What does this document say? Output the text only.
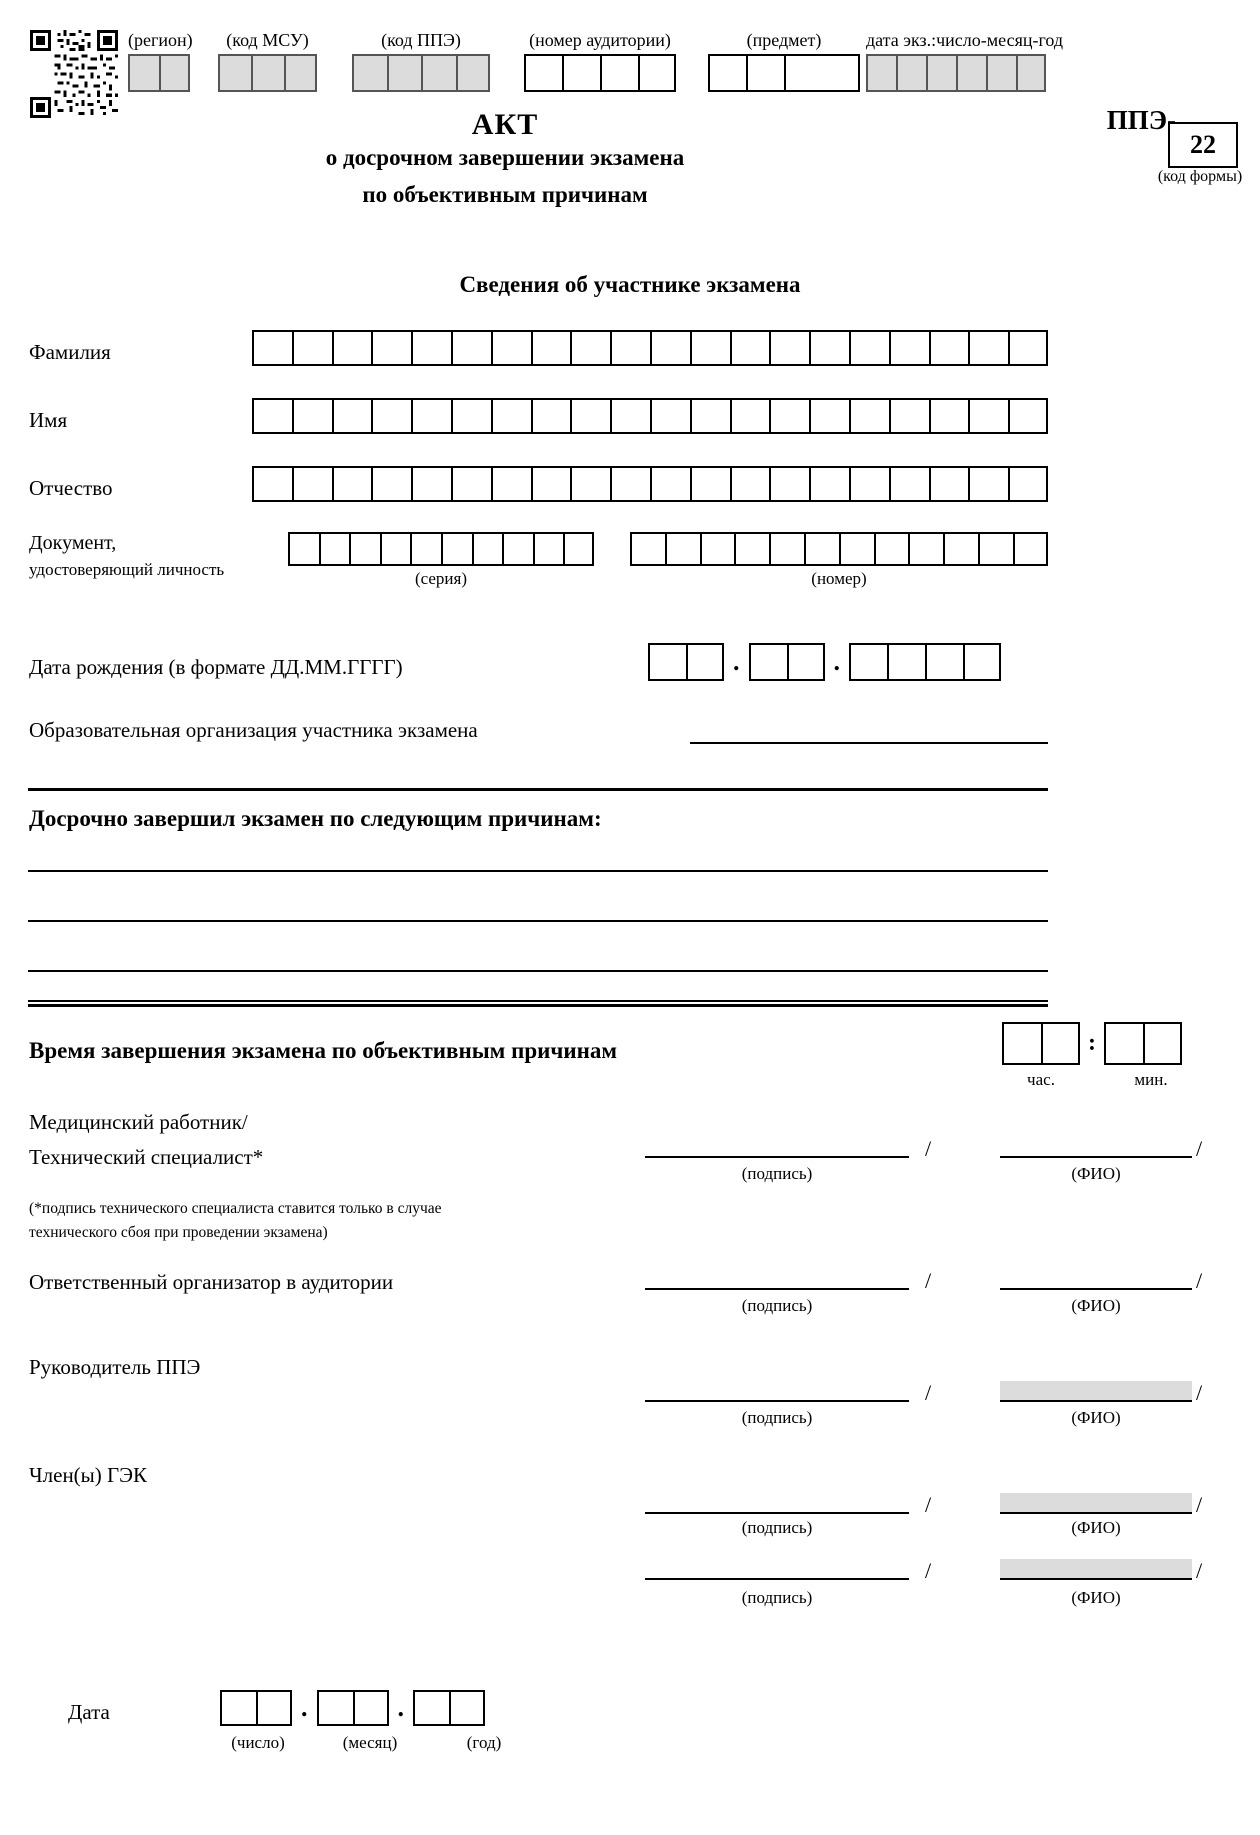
(регион)	(код МСУ)	(код ППЭ)	(номер аудитории)	(предмет)	дата экз.:число-месяц-год
АКТ
о досрочном завершении экзамена
по объективным причинам
ППЭ-
22
(код формы)
Сведения об участнике экзамена
Фамилия
Имя
Отчество
Документ,
удостоверяющий личность	(серия)	(номер)
Дата рождения (в формате ДД.ММ.ГГГГ)	.	.
Образовательная организация участника экзамена
Досрочно завершил экзамен по следующим причинам:
Время завершения экзамена по объективным причинам	:
час.	мин.
Медицинский работник/
Технический специалист*	/	/
(подпись)	(ФИО)
(*подпись технического специалиста ставится только в случае
технического сбоя при проведении экзамена)
Ответственный организатор в аудитории	/	/
(подпись)	(ФИО)
Руководитель ППЭ
/	/
(подпись)	(ФИО)
Член(ы) ГЭК
/	/
(подпись)	(ФИО)
/	/
(подпись)	(ФИО)
Дата	.	.
(число)	(месяц)	(год)
